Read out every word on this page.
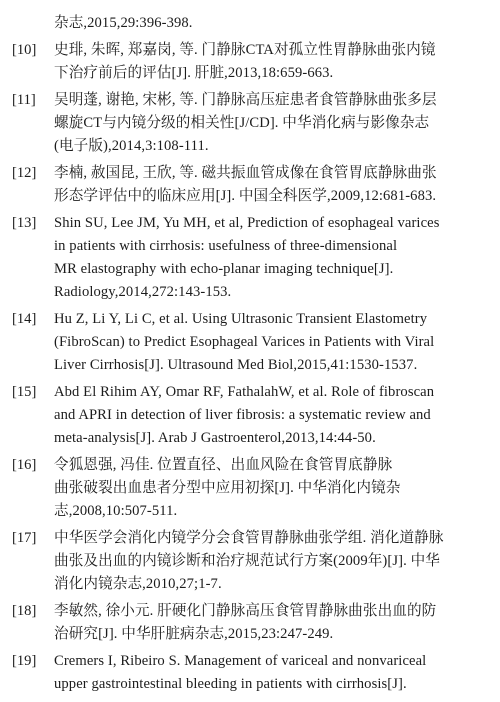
杂志,2015,29:396-398.
[10]	史琲, 朱晖, 郑嘉岗, 等. 门静脉CTA对孤立性胃静脉曲张内镜
下治疗前后的评估[J]. 肝脏,2013,18:659-663.
[11]	吴明蓬, 谢艳, 宋彬, 等. 门静脉高压症患者食管静脉曲张多层
螺旋CT与内镜分级的相关性[J/CD]. 中华消化病与影像杂志
(电子版),2014,3:108-111.
[12]	李楠, 赦国昆, 王欣, 等. 磁共振血管成像在食管胃底静脉曲张
形态学评估中的临床应用[J]. 中国全科医学,2009,12:681-683.
[13]	Shin SU, Lee JM, Yu MH, et al, Prediction of esophageal varices
in patients with cirrhosis: usefulness of three-dimensional
MR elastography with echo-planar imaging technique[J].
Radiology,2014,272:143-153.
[14]	Hu Z, Li Y, Li C, et al. Using Ultrasonic Transient Elastometry
(FibroScan) to Predict Esophageal Varices in Patients with Viral
Liver Cirrhosis[J]. Ultrasound Med Biol,2015,41:1530-1537.
[15]	Abd El Rihim AY, Omar RF, FathalahW, et al. Role of fibroscan
and APRI in detection of liver fibrosis: a systematic review and
meta-analysis[J]. Arab J Gastroenterol,2013,14:44-50.
[16]	令狐恩强, 冯佳. 位置直径、出血风险在食管胃底静脉
曲张破裂出血患者分型中应用初探[J]. 中华消化内镜杂
志,2008,10:507-511.
[17]	中华医学会消化内镜学分会食管胃静脉曲张学组. 消化道静脉
曲张及出血的内镜诊断和治疗规范试行方案(2009年)[J]. 中华
消化内镜杂志,2010,27;1-7.
[18]	李敏然, 徐小元. 肝硬化门静脉高压食管胃静脉曲张出血的防
治研究[J]. 中华肝脏病杂志,2015,23:247-249.
[19]	Cremers I, Ribeiro S. Management of variceal and nonvariceal
upper gastrointestinal bleeding in patients with cirrhosis[J].
